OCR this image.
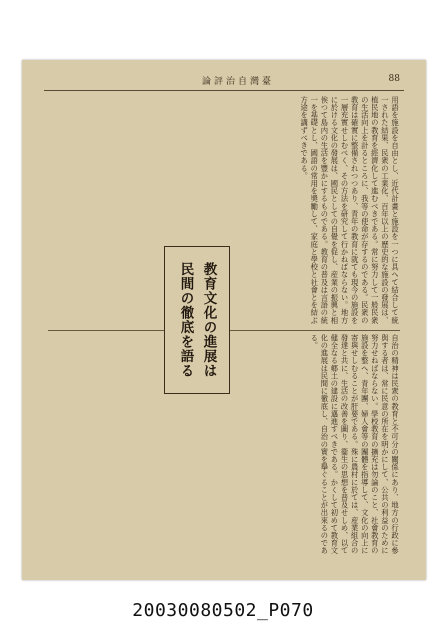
論評治自灣臺	88
用語を施設を自由とし、近代計畫と施設を一つに具へて結合して統一された結果、民衆の工業化、百年以上の歷史的な施設の發展は、植民地の教育を經濟化して進むべきである。常に努力して一般民衆の生活向上を計るところに、我等の使命が存するのである。民衆の教育は確實に整備されつつあり、青年の教育に就ても現今の施設を一層充實せしむべく、その方法を研究して行かねばならない。地方に於ける文化の發展は、國民としての自覺を促し、産業の振興と相俟つて島内の生活を豐かにするものである。教育の普及は言語の統一を基礎とし、國語の常用を奬勵して、家庭と學校と社會とを結ぶ方途を講ずべきである。
自治の精神は民衆の教育と不可分の關係にあり、地方の行政に參與する者は、常に民意の所在を明かにして、公共の利益のために努力せねばならない。學校教育の擴充は勿論のこと、社會教育の施設を整へ、青年團、婦人會等の團體を指導して、文化の向上に寄與せしむることが肝要である。殊に農村に於ては、産業組合の發達と共に、生活の改善を圖り、衞生の思想を普及せしめ、以て健全なる郷土の建設に邁進すべきである。かくして初めて教育文化の進展は民間に徹底し、自治の實を擧ぐることが出來るのである。
教育文化の進展は
民間の徹底を語る
20030080502_P070
